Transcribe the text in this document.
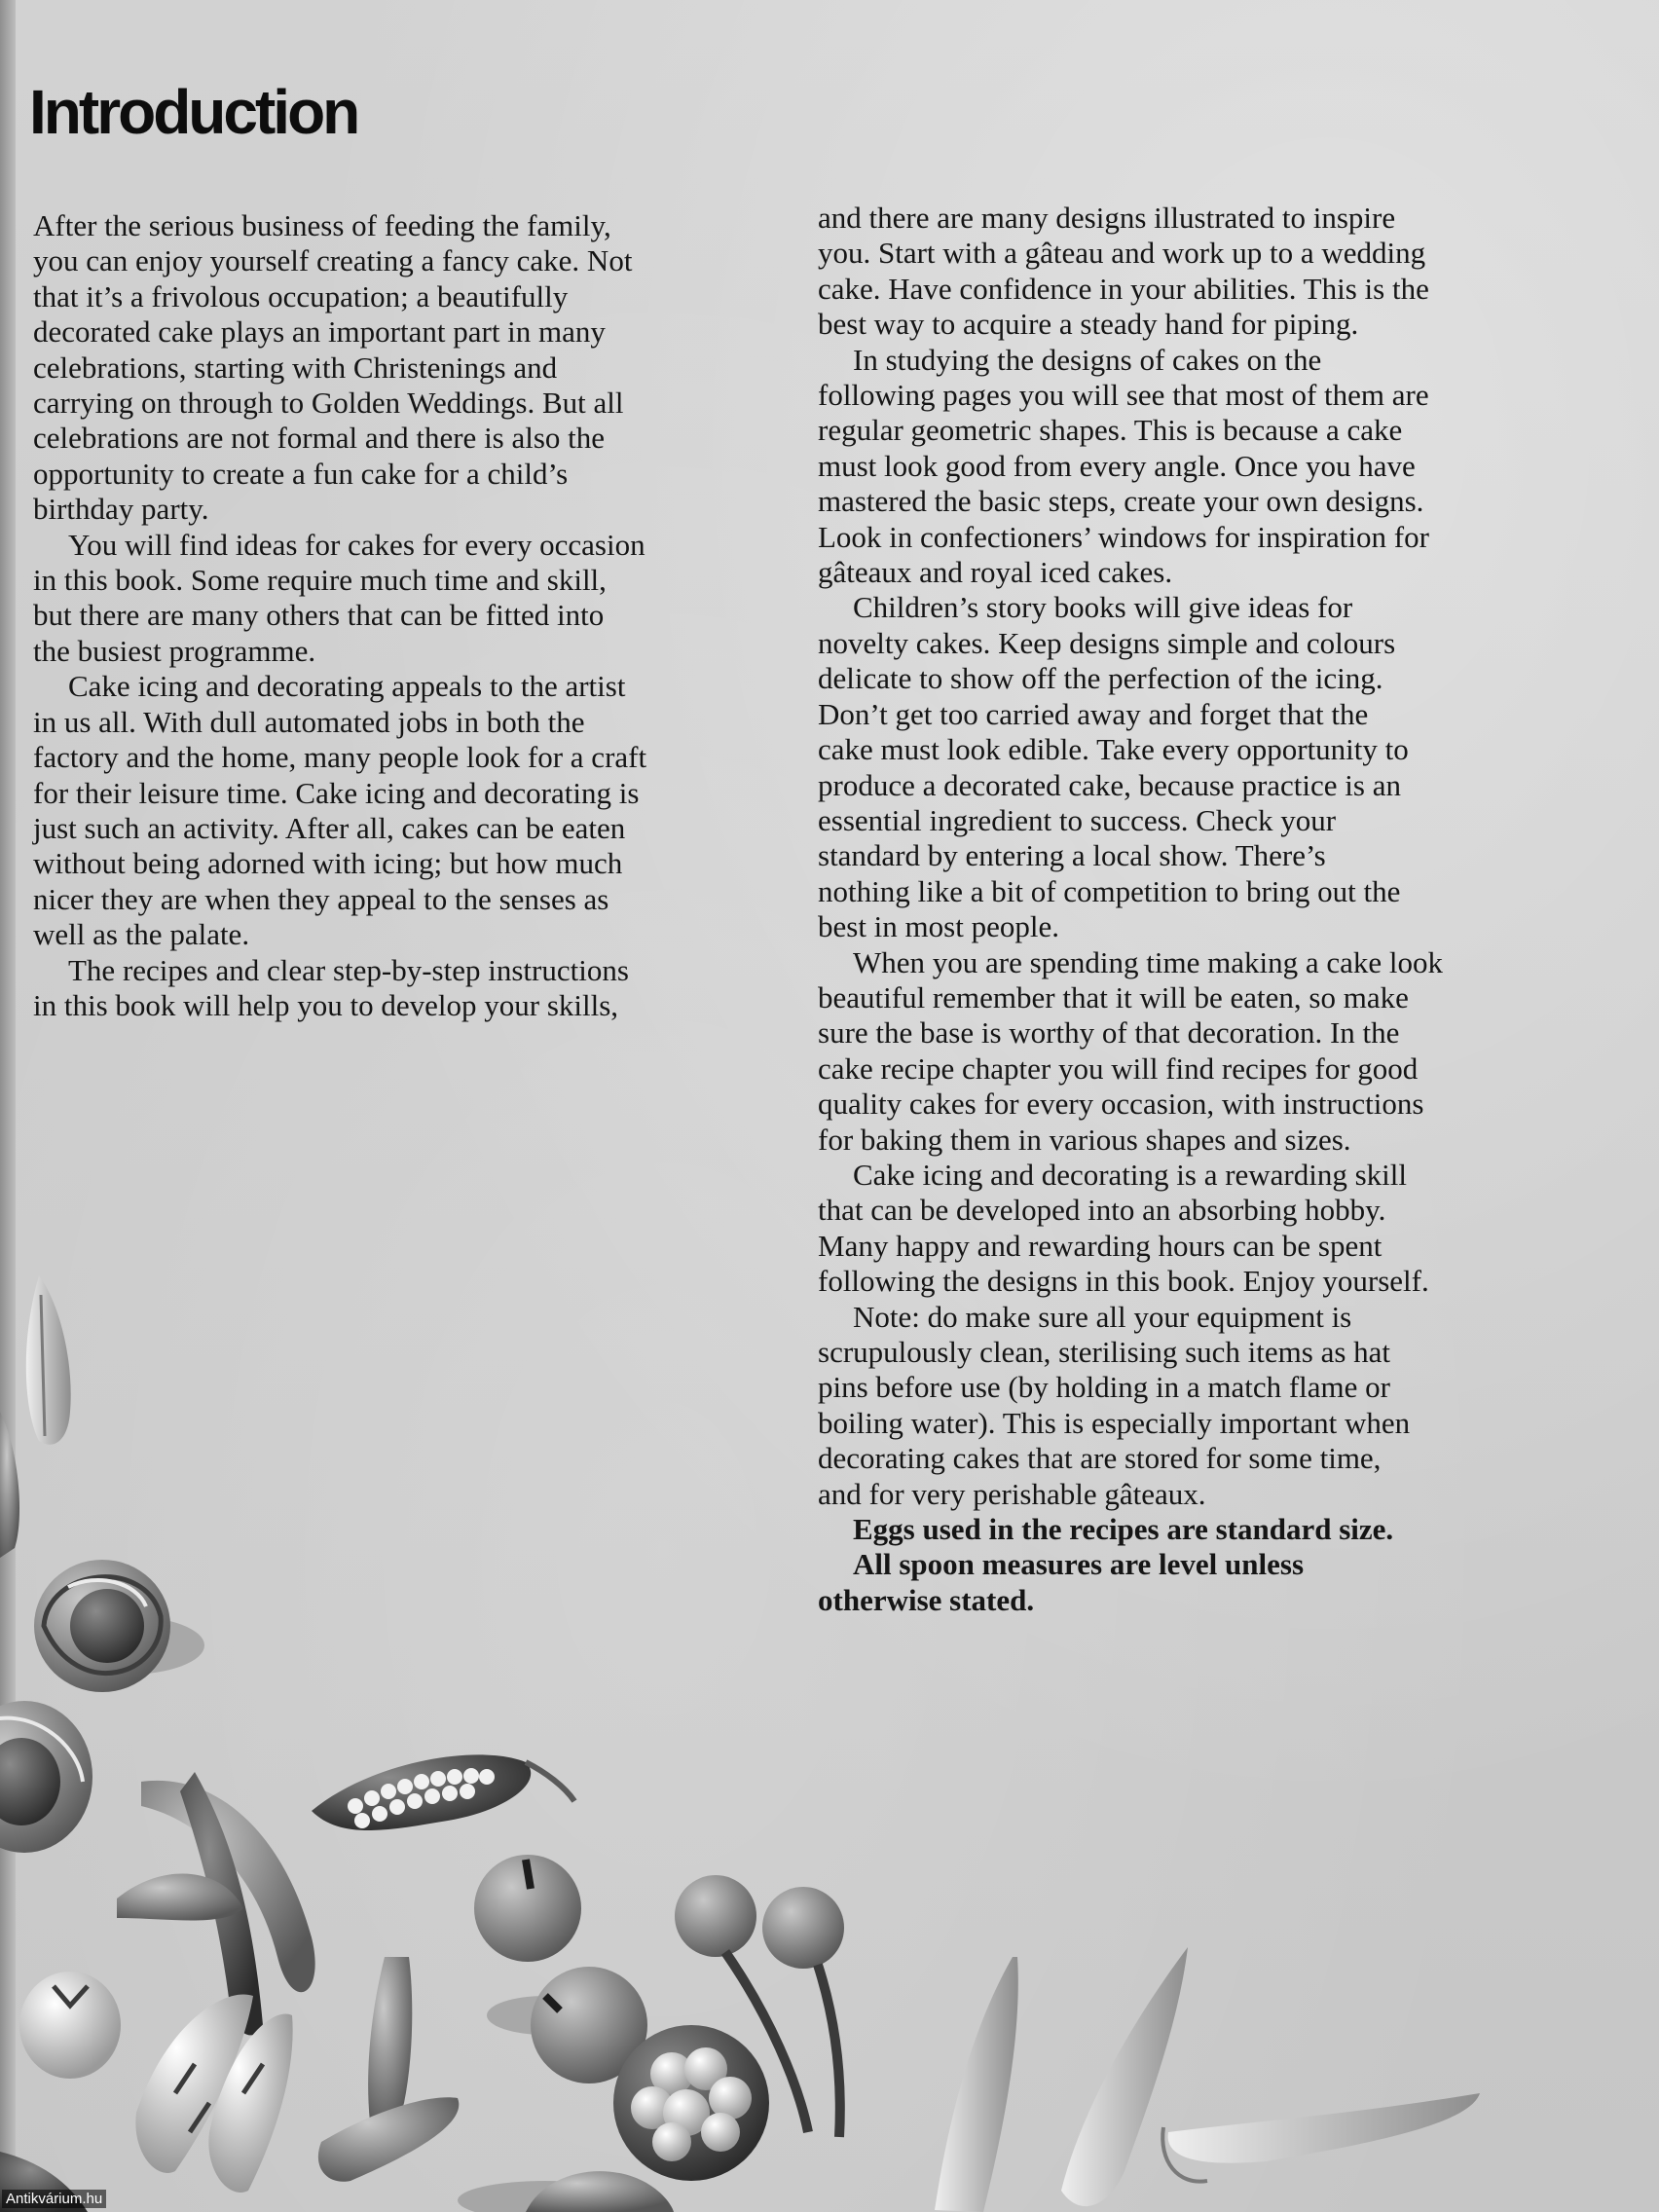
Introduction

After the serious business of feeding the family,

you can enjoy yourself creating a fancy cake. Not

that it’s a frivolous occupation; a beautifully

decorated cake plays an important part in many

celebrations, starting with Christenings and

carrying on through to Golden Weddings. But all

celebrations are not formal and there is also the

opportunity to create a fun cake for a child’s

birthday party.

You will find ideas for cakes for every occasion

in this book. Some require much time and skill,

but there are many others that can be fitted into

the busiest programme.

Cake icing and decorating appeals to the artist

in us all. With dull automated jobs in both the

factory and the home, many people look for a craft

for their leisure time. Cake icing and decorating is

just such an activity. After all, cakes can be eaten

without being adorned with icing; but how much

nicer they are when they appeal to the senses as

well as the palate.

The recipes and clear step-by-step instructions

in this book will help you to develop your skills,

and there are many designs illustrated to inspire

you. Start with a gâteau and work up to a wedding

cake. Have confidence in your abilities. This is the

best way to acquire a steady hand for piping.

In studying the designs of cakes on the

following pages you will see that most of them are

regular geometric shapes. This is because a cake

must look good from every angle. Once you have

mastered the basic steps, create your own designs.

Look in confectioners’ windows for inspiration for

gâteaux and royal iced cakes.

Children’s story books will give ideas for

novelty cakes. Keep designs simple and colours

delicate to show off the perfection of the icing.

Don’t get too carried away and forget that the

cake must look edible. Take every opportunity to

produce a decorated cake, because practice is an

essential ingredient to success. Check your

standard by entering a local show. There’s

nothing like a bit of competition to bring out the

best in most people.

When you are spending time making a cake look

beautiful remember that it will be eaten, so make

sure the base is worthy of that decoration. In the

cake recipe chapter you will find recipes for good

quality cakes for every occasion, with instructions

for baking them in various shapes and sizes.

Cake icing and decorating is a rewarding skill

that can be developed into an absorbing hobby.

Many happy and rewarding hours can be spent

following the designs in this book. Enjoy yourself.

Note: do make sure all your equipment is

scrupulously clean, sterilising such items as hat

pins before use (by holding in a match flame or

boiling water). This is especially important when

decorating cakes that are stored for some time,

and for very perishable gâteaux.

Eggs used in the recipes are standard size.

All spoon measures are level unless

otherwise stated.

Antikvárium.hu
